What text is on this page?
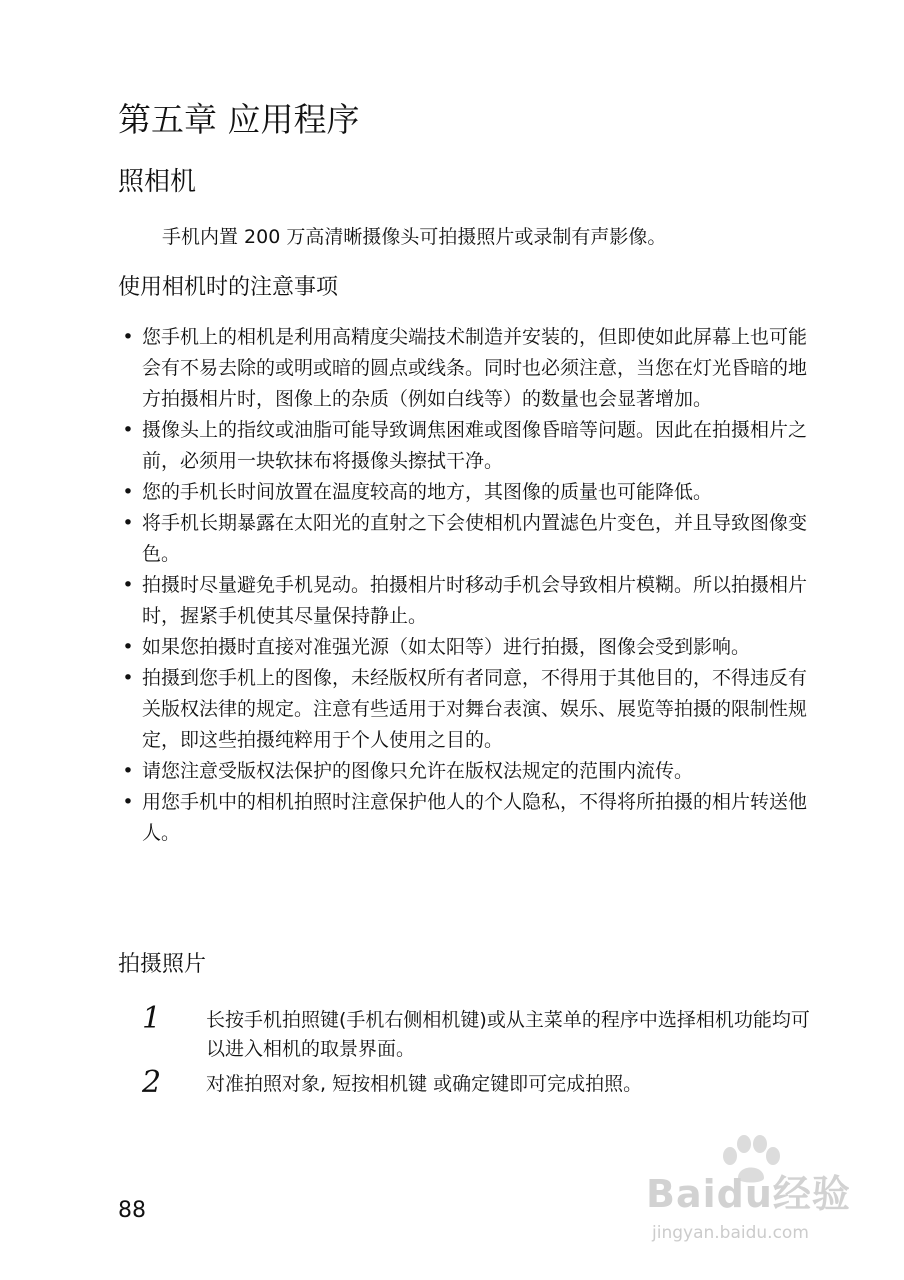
第五章 应用程序
照相机
手机内置 200 万高清晰摄像头可拍摄照片或录制有声影像。
使用相机时的注意事项
• 您手机上的相机是利用高精度尖端技术制造并安装的，但即使如此屏幕上也可能会有不易去除的或明或暗的圆点或线条。同时也必须注意，当您在灯光昏暗的地方拍摄相片时，图像上的杂质（例如白线等）的数量也会显著增加。
• 摄像头上的指纹或油脂可能导致调焦困难或图像昏暗等问题。因此在拍摄相片之前，必须用一块软抹布将摄像头擦拭干净。
• 您的手机长时间放置在温度较高的地方，其图像的质量也可能降低。
• 将手机长期暴露在太阳光的直射之下会使相机内置滤色片变色，并且导致图像变色。
• 拍摄时尽量避免手机晃动。拍摄相片时移动手机会导致相片模糊。所以拍摄相片时，握紧手机使其尽量保持静止。
• 如果您拍摄时直接对准强光源（如太阳等）进行拍摄，图像会受到影响。
• 拍摄到您手机上的图像，未经版权所有者同意，不得用于其他目的，不得违反有关版权法律的规定。注意有些适用于对舞台表演、娱乐、展览等拍摄的限制性规定，即这些拍摄纯粹用于个人使用之目的。
• 请您注意受版权法保护的图像只允许在版权法规定的范围内流传。
• 用您手机中的相机拍照时注意保护他人的个人隐私，不得将所拍摄的相片转送他人。
拍摄照片
1 长按手机拍照键(手机右侧相机键)或从主菜单的程序中选择相机功能均可以进入相机的取景界面。
2 对准拍照对象, 短按相机键 或确定键即可完成拍照。
88	Baidu经验
jingyan.baidu.com
